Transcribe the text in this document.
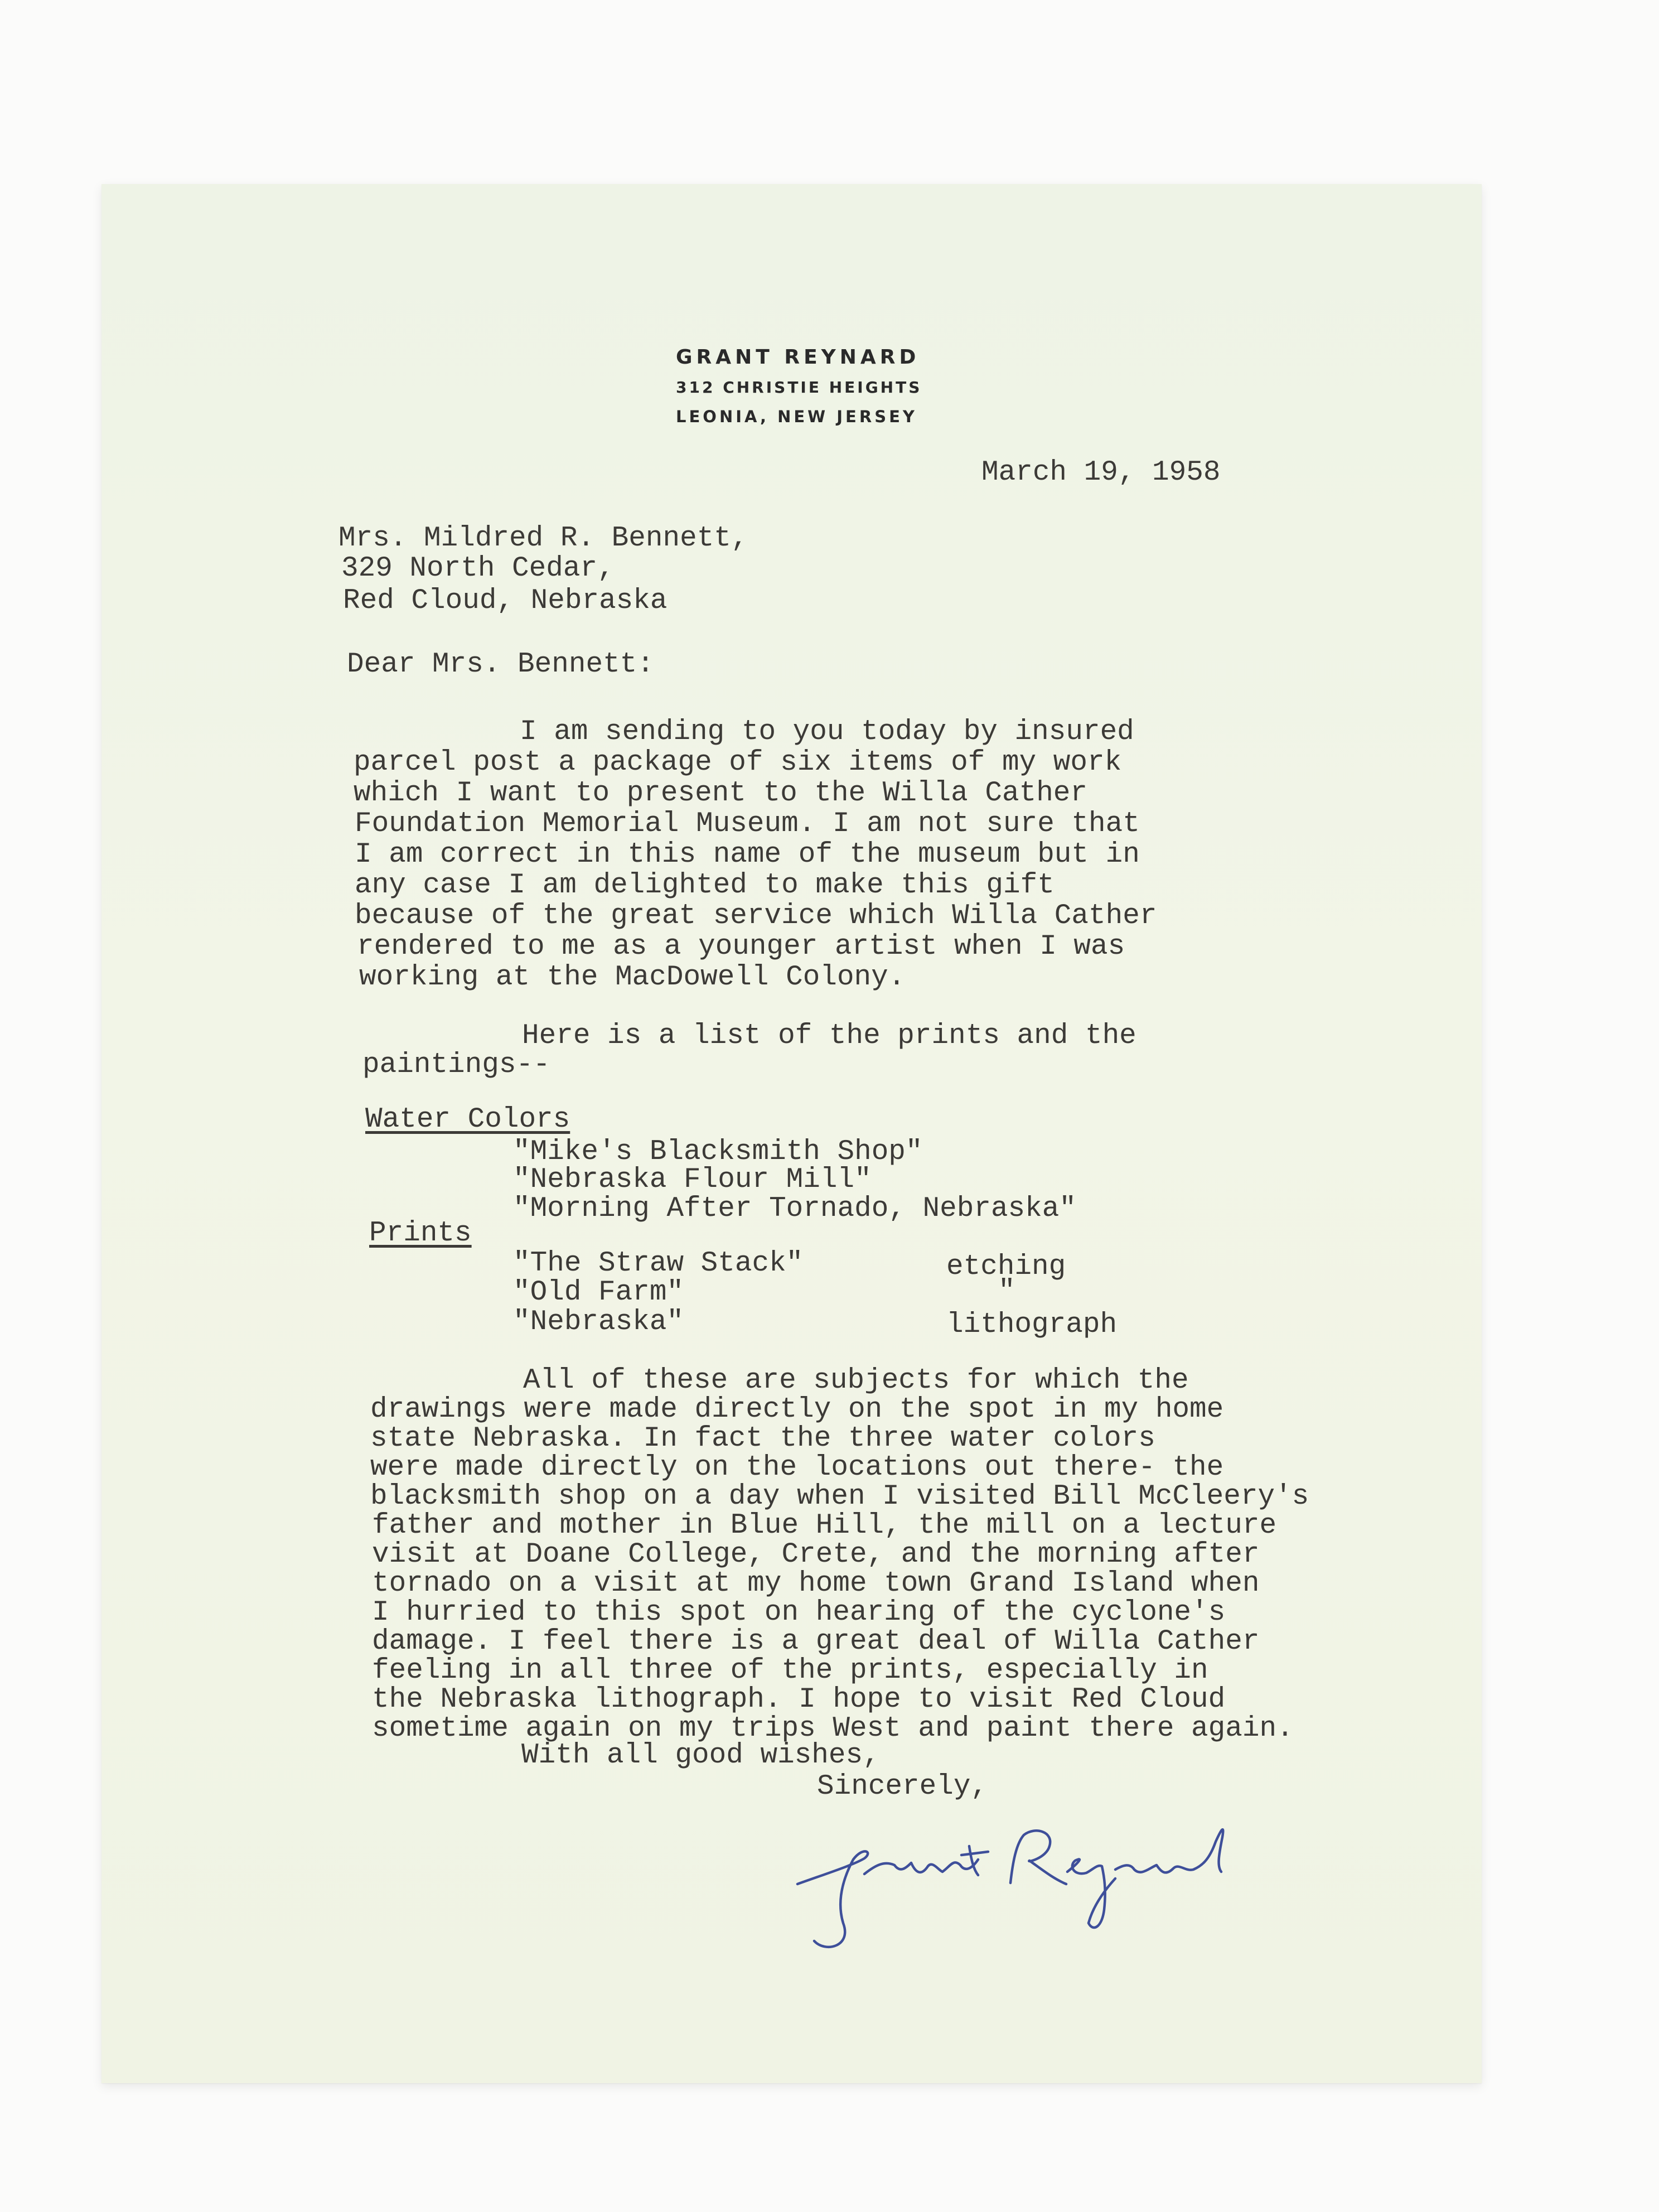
GRANT REYNARD
312 CHRISTIE HEIGHTS
LEONIA, NEW JERSEY
March 19, 1958
Mrs. Mildred R. Bennett,
329 North Cedar,
Red Cloud, Nebraska
Dear Mrs. Bennett:
I am sending to you today by insured
parcel post a package of six items of my work
which I want to present to the Willa Cather
Foundation Memorial Museum. I am not sure that
I am correct in this name of the museum but in
any case I am delighted to make this gift
because of the great service which Willa Cather
rendered to me as a younger artist when I was
working at the MacDowell Colony.
Here is a list of the prints and the
paintings--
Water Colors
"Mike's Blacksmith Shop"
"Nebraska Flour Mill"
"Morning After Tornado, Nebraska"
Prints
"The Straw Stack"	etching
"Old Farm"	"
"Nebraska"	lithograph
All of these are subjects for which the
drawings were made directly on the spot in my home
state Nebraska. In fact the three water colors
were made directly on the locations out there- the
blacksmith shop on a day when I visited Bill McCleery's
father and mother in Blue Hill, the mill on a lecture
visit at Doane College, Crete, and the morning after
tornado on a visit at my home town Grand Island when
I hurried to this spot on hearing of the cyclone's
damage. I feel there is a great deal of Willa Cather
feeling in all three of the prints, especially in
the Nebraska lithograph. I hope to visit Red Cloud
sometime again on my trips West and paint there again.
With all good wishes,
Sincerely,
